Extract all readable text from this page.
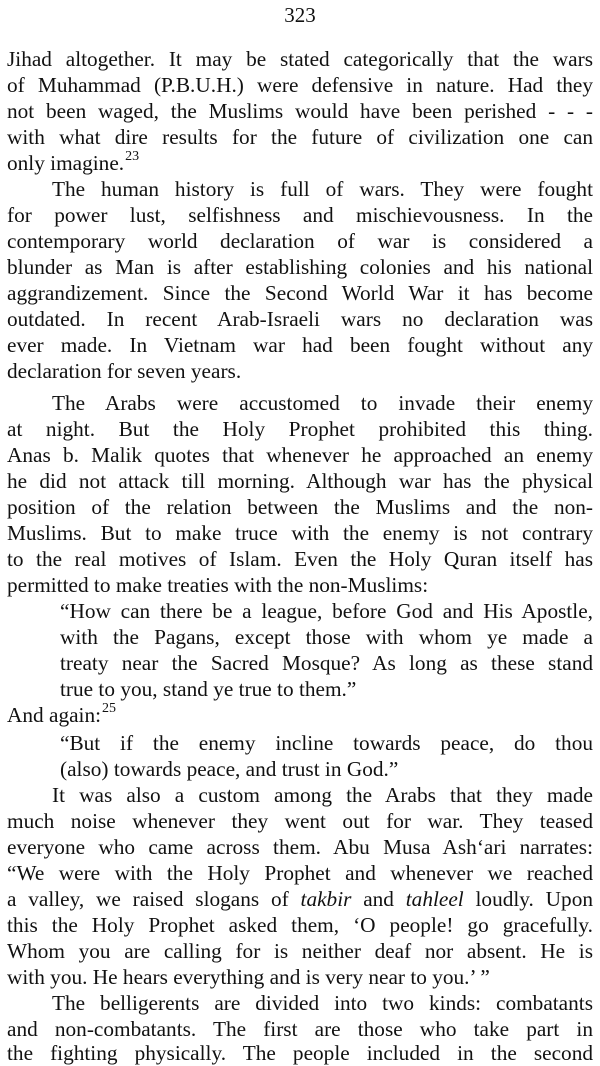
323
Jihad altogether. It may be stated categorically that the wars
of Muhammad (P.B.U.H.) were defensive in nature. Had they
not been waged, the Muslims would have been perished - - -
with what dire results for the future of civilization one can
only imagine.$^{23}$
The human history is full of wars. They were fought
for power lust, selfishness and mischievousness. In the
contemporary world declaration of war is considered a
blunder as Man is after establishing colonies and his national
aggrandizement. Since the Second World War it has become
outdated. In recent Arab-Israeli wars no declaration was
ever made. In Vietnam war had been fought without any
declaration for seven years.
The Arabs were accustomed to invade their enemy
at night. But the Holy Prophet prohibited this thing.
Anas b. Malik quotes that whenever he approached an enemy
he did not attack till morning. Although war has the physical
position of the relation between the Muslims and the non-
Muslims. But to make truce with the enemy is not contrary
to the real motives of Islam. Even the Holy Quran itself has
permitted to make treaties with the non-Muslims:
“How can there be a league, before God and His Apostle,
with the Pagans, except those with whom ye made a
treaty near the Sacred Mosque? As long as these stand
true to you, stand ye true to them.”
And again:$^{25}$
“But if the enemy incline towards peace, do thou
(also) towards peace, and trust in God.”
It was also a custom among the Arabs that they made
much noise whenever they went out for war. They teased
everyone who came across them. Abu Musa Ash‘ari narrates:
“We were with the Holy Prophet and whenever we reached
a valley, we raised slogans of takbir and tahleel loudly. Upon
this the Holy Prophet asked them, ‘O people! go gracefully.
Whom you are calling for is neither deaf nor absent. He is
with you. He hears everything and is very near to you.’ ”
The belligerents are divided into two kinds: combatants
and non-combatants. The first are those who take part in
the fighting physically. The people included in the second
